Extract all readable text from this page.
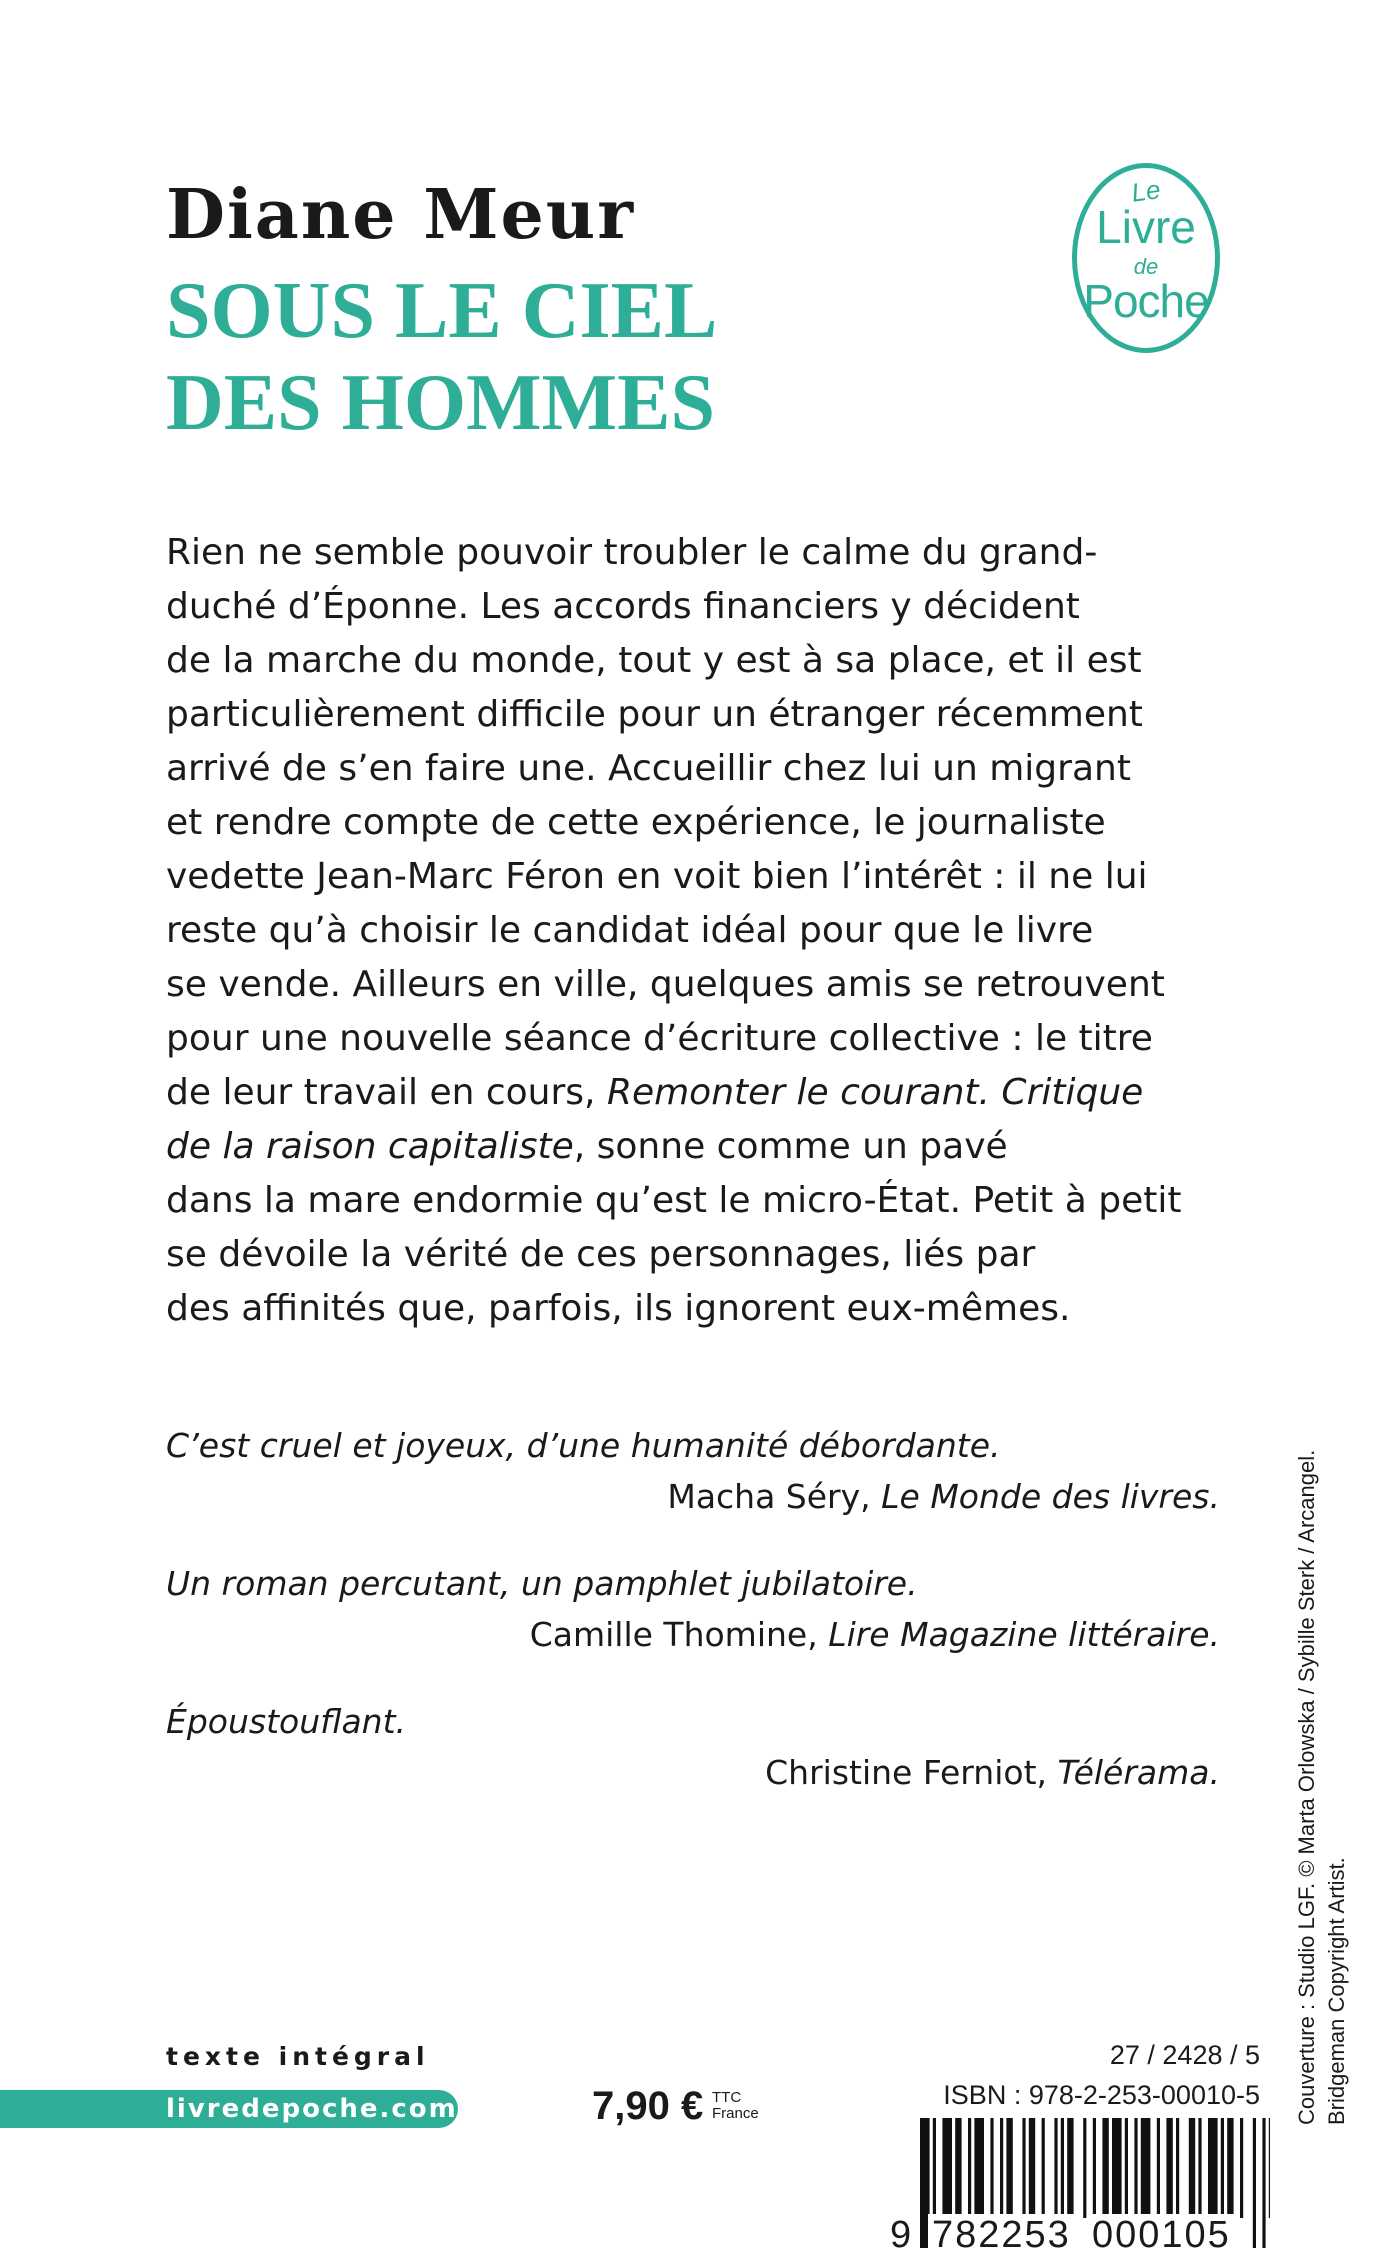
Diane Meur
SOUS LE CIEL
DES HOMMES
Le
Livre
de
Poche
Rien ne semble pouvoir troubler le calme du grand-
duché d’Éponne. Les accords financiers y décident
de la marche du monde, tout y est à sa place, et il est
particulièrement difficile pour un étranger récemment
arrivé de s’en faire une. Accueillir chez lui un migrant
et rendre compte de cette expérience, le journaliste
vedette Jean-Marc Féron en voit bien l’intérêt : il ne lui
reste qu’à choisir le candidat idéal pour que le livre
se vende. Ailleurs en ville, quelques amis se retrouvent
pour une nouvelle séance d’écriture collective : le titre
de leur travail en cours, Remonter le courant. Critique
de la raison capitaliste, sonne comme un pavé
dans la mare endormie qu’est le micro-État. Petit à petit
se dévoile la vérité de ces personnages, liés par
des affinités que, parfois, ils ignorent eux-mêmes.
C’est cruel et joyeux, d’une humanité débordante.
Macha Séry, Le Monde des livres.
Un roman percutant, un pamphlet jubilatoire.
Camille Thomine, Lire Magazine littéraire.
Époustouflant.
Christine Ferniot, Télérama.	Couverture : Studio LGF. © Marta Orlowska / Sybille Sterk / Arcangel. Bridgeman Copyright Artist.
texte intégral
livredepoche.com	7,90 € TTC
France
27 / 2428 / 5
ISBN : 978-2-253-00010-5
9 782253 000105
